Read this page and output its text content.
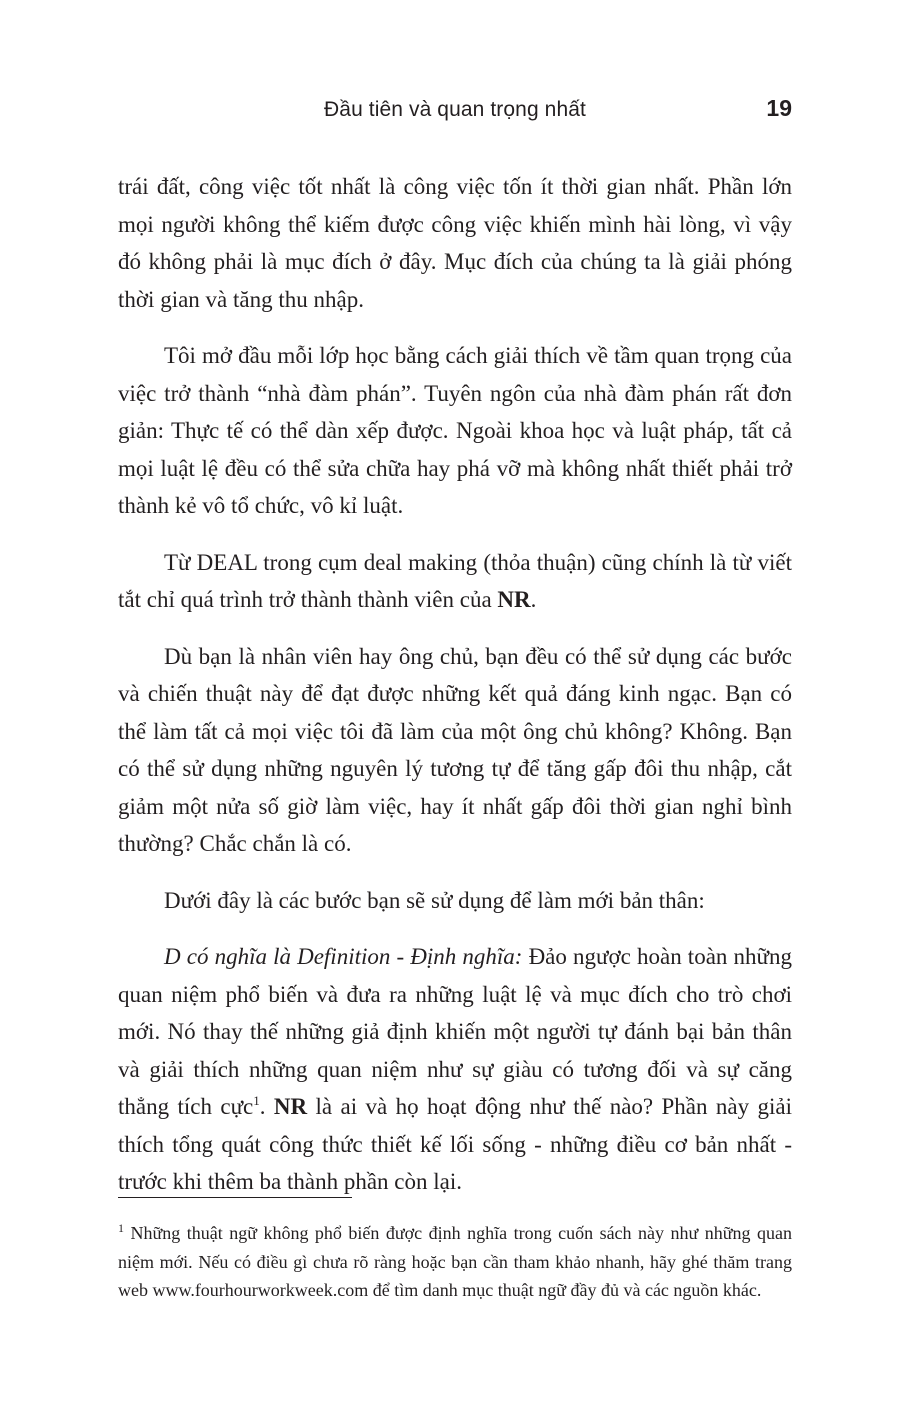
Đầu tiên và quan trọng nhất	19

trái đất, công việc tốt nhất là công việc tốn ít thời gian nhất. Phần lớn mọi người không thể kiếm được công việc khiến mình hài lòng, vì vậy đó không phải là mục đích ở đây. Mục đích của chúng ta là giải phóng thời gian và tăng thu nhập.

Tôi mở đầu mỗi lớp học bằng cách giải thích về tầm quan trọng của việc trở thành “nhà đàm phán”. Tuyên ngôn của nhà đàm phán rất đơn giản: Thực tế có thể dàn xếp được. Ngoài khoa học và luật pháp, tất cả mọi luật lệ đều có thể sửa chữa hay phá vỡ mà không nhất thiết phải trở thành kẻ vô tổ chức, vô kỉ luật.

Từ DEAL trong cụm deal making (thỏa thuận) cũng chính là từ viết tắt chỉ quá trình trở thành thành viên của NR.

Dù bạn là nhân viên hay ông chủ, bạn đều có thể sử dụng các bước và chiến thuật này để đạt được những kết quả đáng kinh ngạc. Bạn có thể làm tất cả mọi việc tôi đã làm của một ông chủ không? Không. Bạn có thể sử dụng những nguyên lý tương tự để tăng gấp đôi thu nhập, cắt giảm một nửa số giờ làm việc, hay ít nhất gấp đôi thời gian nghỉ bình thường? Chắc chắn là có.

Dưới đây là các bước bạn sẽ sử dụng để làm mới bản thân:

D có nghĩa là Definition - Định nghĩa: Đảo ngược hoàn toàn những quan niệm phổ biến và đưa ra những luật lệ và mục đích cho trò chơi mới. Nó thay thế những giả định khiến một người tự đánh bại bản thân và giải thích những quan niệm như sự giàu có tương đối và sự căng thẳng tích cực$^1$. NR là ai và họ hoạt động như thế nào? Phần này giải thích tổng quát công thức thiết kế lối sống - những điều cơ bản nhất - trước khi thêm ba thành phần còn lại.

$^1$ Những thuật ngữ không phổ biến được định nghĩa trong cuốn sách này như những quan niệm mới. Nếu có điều gì chưa rõ ràng hoặc bạn cần tham khảo nhanh, hãy ghé thăm trang web www.fourhourworkweek.com để tìm danh mục thuật ngữ đầy đủ và các nguồn khác.
